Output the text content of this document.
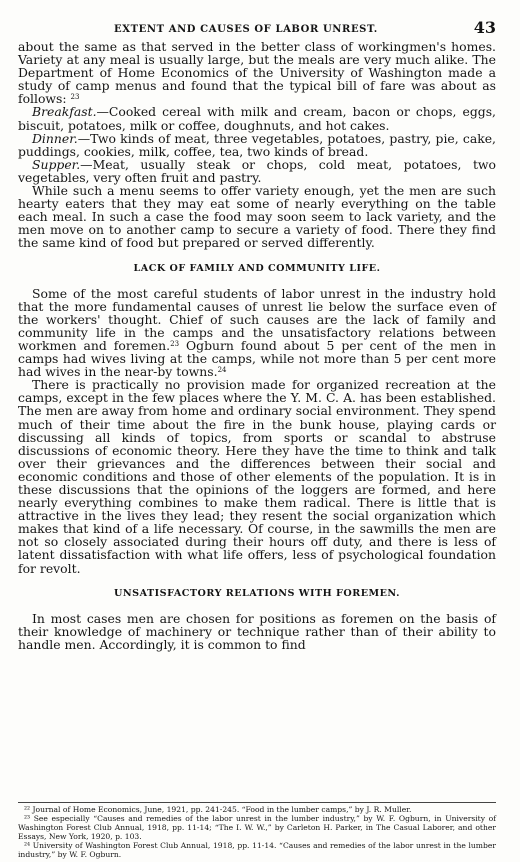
EXTENT AND CAUSES OF LABOR UNREST.	43

about the same as that served in the better class of workingmen's homes. Variety at any meal is usually large, but the meals are very much alike. The Department of Home Economics of the University of Washington made a study of camp menus and found that the typical bill of fare was about as follows: $^{23}$

Breakfast.—Cooked cereal with milk and cream, bacon or chops, eggs, biscuit, potatoes, milk or coffee, doughnuts, and hot cakes.

Dinner.—Two kinds of meat, three vegetables, potatoes, pastry, pie, cake, puddings, cookies, milk, coffee, tea, two kinds of bread.

Supper.—Meat, usually steak or chops, cold meat, potatoes, two vegetables, very often fruit and pastry.

While such a menu seems to offer variety enough, yet the men are such hearty eaters that they may eat some of nearly everything on the table each meal. In such a case the food may soon seem to lack variety, and the men move on to another camp to secure a variety of food. There they find the same kind of food but prepared or served differently.

LACK OF FAMILY AND COMMUNITY LIFE.

Some of the most careful students of labor unrest in the industry hold that the more fundamental causes of unrest lie below the surface even of the workers' thought. Chief of such causes are the lack of family and community life in the camps and the unsatisfactory relations between workmen and foremen.$^{23}$ Ogburn found about 5 per cent of the men in camps had wives living at the camps, while not more than 5 per cent more had wives in the near-by towns.$^{24}$

There is practically no provision made for organized recreation at the camps, except in the few places where the Y. M. C. A. has been established. The men are away from home and ordinary social environment. They spend much of their time about the fire in the bunk house, playing cards or discussing all kinds of topics, from sports or scandal to abstruse discussions of economic theory. Here they have the time to think and talk over their grievances and the differences between their social and economic conditions and those of other elements of the population. It is in these discussions that the opinions of the loggers are formed, and here nearly everything combines to make them radical. There is little that is attractive in the lives they lead; they resent the social organization which makes that kind of a life necessary. Of course, in the sawmills the men are not so closely associated during their hours off duty, and there is less of latent dissatisfaction with what life offers, less of psychological foundation for revolt.

UNSATISFACTORY RELATIONS WITH FOREMEN.

In most cases men are chosen for positions as foremen on the basis of their knowledge of machinery or technique rather than of their ability to handle men. Accordingly, it is common to find

²² Journal of Home Economics, June, 1921, pp. 241-245. “Food in the lumber camps,” by J. R. Muller.

²³ See especially “Causes and remedies of the labor unrest in the lumber industry,” by W. F. Ogburn, in University of Washington Forest Club Annual, 1918, pp. 11-14; “The I. W. W.,” by Carleton H. Parker, in The Casual Laborer, and other Essays, New York, 1920, p. 103.

²⁴ University of Washington Forest Club Annual, 1918, pp. 11-14. “Causes and remedies of the labor unrest in the lumber industry,” by W. F. Ogburn.
